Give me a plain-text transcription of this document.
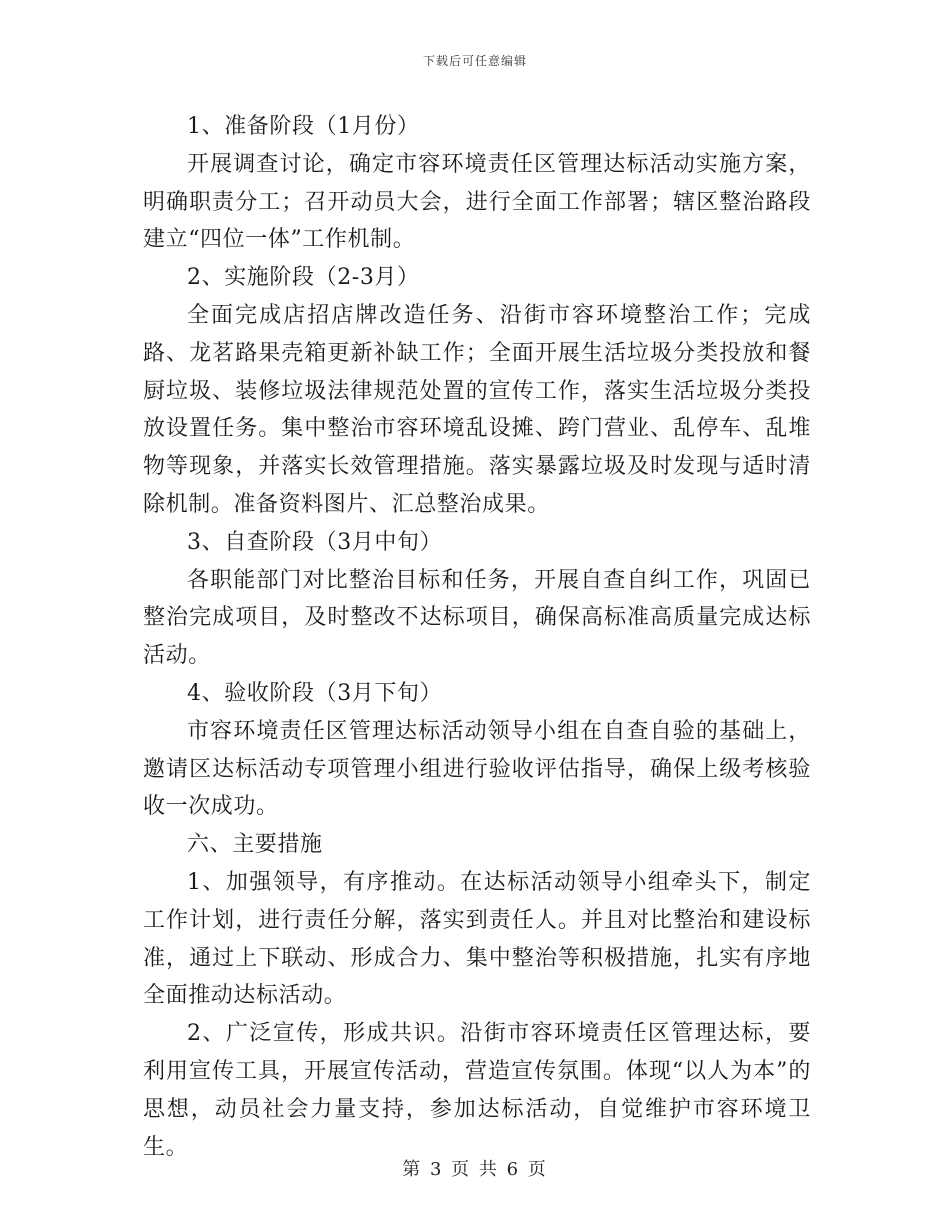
下载后可任意编辑

1、准备阶段（1月份）

开展调查讨论，确定市容环境责任区管理达标活动实施方案，明确职责分工；召开动员大会，进行全面工作部署；辖区整治路段建立“四位一体”工作机制。

2、实施阶段（2-3月）

全面完成店招店牌改造任务、沿街市容环境整治工作；完成路、龙茗路果壳箱更新补缺工作；全面开展生活垃圾分类投放和餐厨垃圾、装修垃圾法律规范处置的宣传工作，落实生活垃圾分类投放设置任务。集中整治市容环境乱设摊、跨门营业、乱停车、乱堆物等现象，并落实长效管理措施。落实暴露垃圾及时发现与适时清除机制。准备资料图片、汇总整治成果。

3、自查阶段（3月中旬）

各职能部门对比整治目标和任务，开展自查自纠工作，巩固已整治完成项目，及时整改不达标项目，确保高标准高质量完成达标活动。

4、验收阶段（3月下旬）

市容环境责任区管理达标活动领导小组在自查自验的基础上，邀请区达标活动专项管理小组进行验收评估指导，确保上级考核验收一次成功。

六、主要措施

1、加强领导，有序推动。在达标活动领导小组牵头下，制定工作计划，进行责任分解，落实到责任人。并且对比整治和建设标准，通过上下联动、形成合力、集中整治等积极措施，扎实有序地全面推动达标活动。

2、广泛宣传，形成共识。沿街市容环境责任区管理达标，要利用宣传工具，开展宣传活动，营造宣传氛围。体现“以人为本”的思想，动员社会力量支持，参加达标活动，自觉维护市容环境卫生。

第 3 页 共 6 页
